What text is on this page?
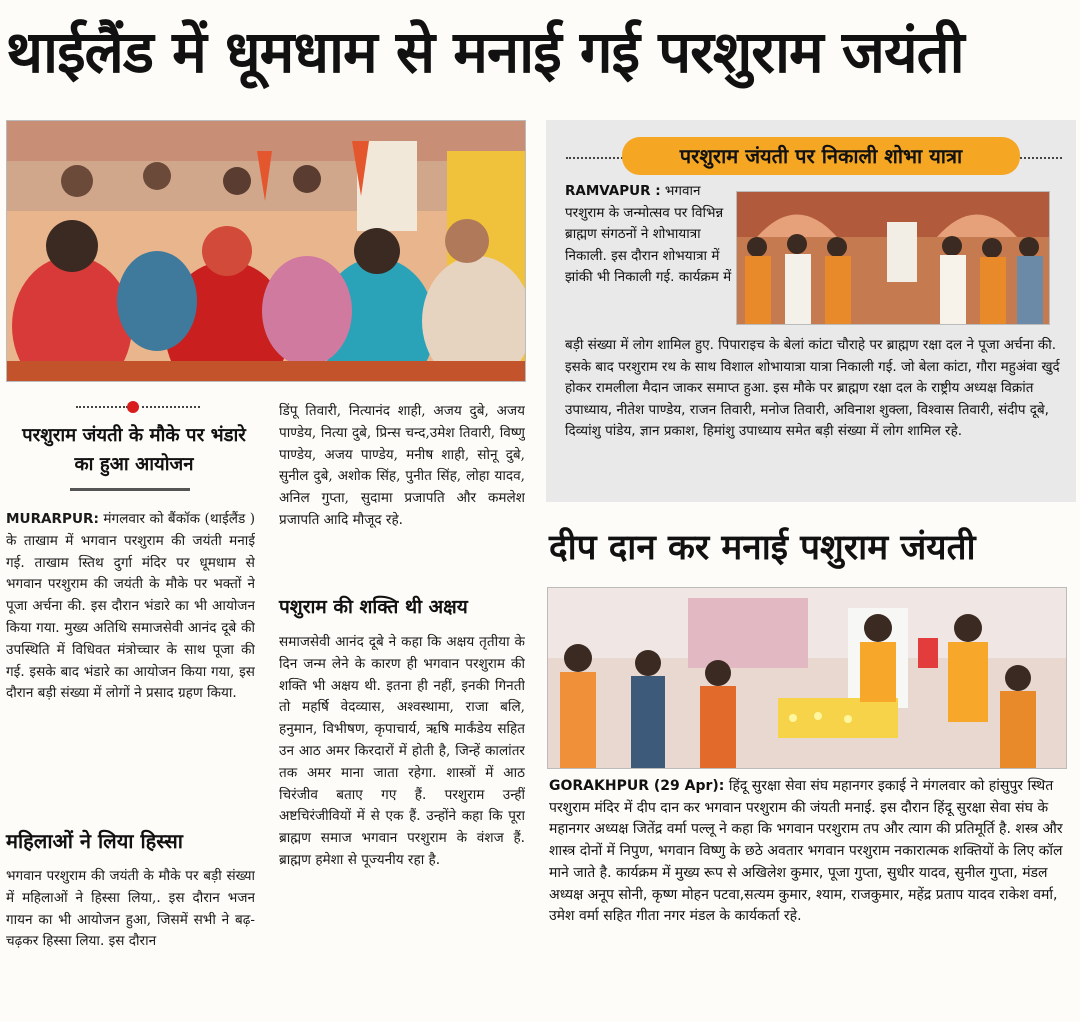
थाईलैंड में धूमधाम से मनाई गई परशुराम जयंती
परशुराम जंयती के मौके पर भंडारे का हुआ आयोजन
MURARPUR: मंगलवार को बैंकॉक (थाईलैंड ) के ताखाम में भगवान परशुराम की जयंती मनाई गई. ताखाम स्तिथ दुर्गा मंदिर पर धूमधाम से भगवान परशुराम की जयंती के मौके पर भक्तों ने पूजा अर्चना की. इस दौरान भंडारे का भी आयोजन किया गया. मुख्य अतिथि समाजसेवी आनंद दूबे की उपस्थिति में विधिवत मंत्रोच्चार के साथ पूजा की गई. इसके बाद भंडारे का आयोजन किया गया, इस दौरान बड़ी संख्या में लोगों ने प्रसाद ग्रहण किया.
महिलाओं ने लिया हिस्सा
भगवान परशुराम की जयंती के मौके पर बड़ी संख्या में महिलाओं ने हिस्सा लिया,. इस दौरान भजन गायन का भी आयोजन हुआ, जिसमें सभी ने बढ़-चढ़कर हिस्सा लिया. इस दौरान
डिंपू तिवारी, नित्यानंद शाही, अजय दुबे, अजय पाण्डेय, नित्या दुबे, प्रिन्स चन्द,उमेश तिवारी, विष्णु पाण्डेय, अजय पाण्डेय, मनीष शाही, सोनू दुबे, सुनील दुबे, अशोक सिंह, पुनीत सिंह, लोहा यादव, अनिल गुप्ता, सुदामा प्रजापति और कमलेश प्रजापति आदि मौजूद रहे.
पशुराम की शक्ति थी अक्षय
समाजसेवी आनंद दूबे ने कहा कि अक्षय तृतीया के दिन जन्म लेने के कारण ही भगवान परशुराम की शक्ति भी अक्षय थी. इतना ही नहीं, इनकी गिनती तो महर्षि वेदव्यास, अश्वस्थामा, राजा बलि, हनुमान, विभीषण, कृपाचार्य, ऋषि मार्कंडेय सहित उन आठ अमर किरदारों में होती है, जिन्हें कालांतर तक अमर माना जाता रहेगा. शास्त्रों में आठ चिरंजीव बताए गए हैं. परशुराम उन्हीं अष्टचिरंजीवियों में से एक हैं. उन्होंने कहा कि पूरा ब्राह्मण समाज भगवान परशुराम के वंशज हैं. ब्राह्मण हमेशा से पूज्यनीय रहा है.
परशुराम जंयती पर निकाली शोभा यात्रा
RAMVAPUR : भगवान परशुराम के जन्मोत्सव पर विभिन्न ब्राह्मण संगठनों ने शोभायात्रा निकाली. इस दौरान शोभयात्रा में झांकी भी निकाली गई. कार्यक्रम में
बड़ी संख्या में लोग शामिल हुए. पिपाराइच के बेलां कांटा चौराहे पर ब्राह्मण रक्षा दल ने पूजा अर्चना की. इसके बाद परशुराम रथ के साथ विशाल शोभायात्रा यात्रा निकाली गई. जो बेला कांटा, गौरा महुअंवा खुर्द होकर रामलीला मैदान जाकर समाप्त हुआ. इस मौके पर ब्राह्मण रक्षा दल के राष्ट्रीय अध्यक्ष विक्रांत उपाध्याय, नीतेश पाण्डेय, राजन तिवारी, मनोज तिवारी, अविनाश शुक्ला, विश्वास तिवारी, संदीप दूबे, दिव्यांशु पांडेय, ज्ञान प्रकाश, हिमांशु उपाध्याय समेत बड़ी संख्या में लोग शामिल रहे.
दीप दान कर मनाई पशुराम जंयती
GORAKHPUR (29 Apr): हिंदू सुरक्षा सेवा संघ महानगर इकाई ने मंगलवार को हांसुपुर स्थित परशुराम मंदिर में दीप दान कर भगवान परशुराम की जंयती मनाई. इस दौरान हिंदू सुरक्षा सेवा संघ के महानगर अध्यक्ष जितेंद्र वर्मा पल्लू ने कहा कि भगवान परशुराम तप और त्याग की प्रतिमूर्ति है. शस्त्र और शास्त्र दोनों में निपुण, भगवान विष्णु के छठे अवतार भगवान परशुराम नकारात्मक शक्तियों के लिए कॉल माने जाते है. कार्यक्रम में मुख्य रूप से अखिलेश कुमार, पूजा गुप्ता, सुधीर यादव, सुनील गुप्ता, मंडल अध्यक्ष अनूप सोनी, कृष्ण मोहन पटवा,सत्यम कुमार, श्याम, राजकुमार, महेंद्र प्रताप यादव राकेश वर्मा, उमेश वर्मा सहित गीता नगर मंडल के कार्यकर्ता रहे.
